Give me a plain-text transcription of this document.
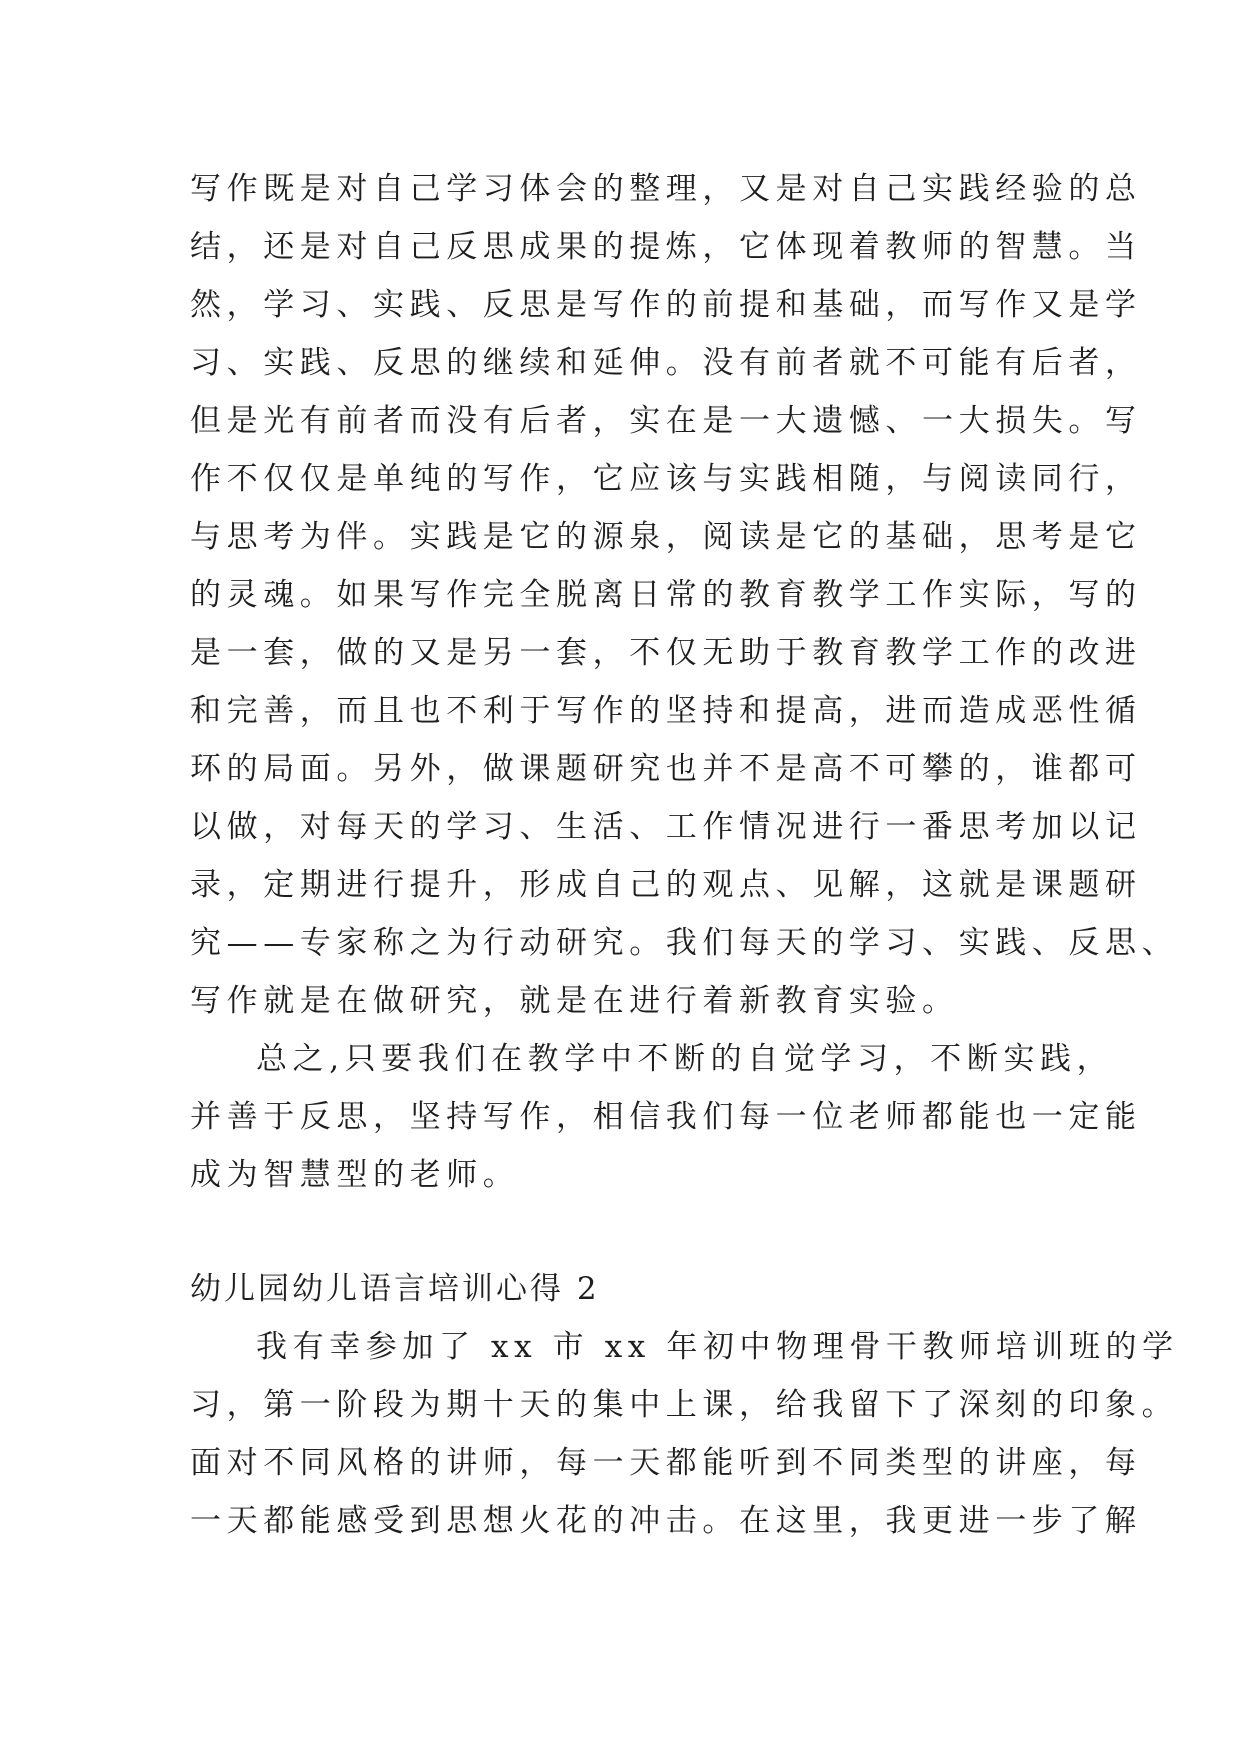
写作既是对自己学习体会的整理，又是对自己实践经验的总
结，还是对自己反思成果的提炼，它体现着教师的智慧。当
然，学习、实践、反思是写作的前提和基础，而写作又是学
习、实践、反思的继续和延伸。没有前者就不可能有后者，
但是光有前者而没有后者，实在是一大遗憾、一大损失。写
作不仅仅是单纯的写作，它应该与实践相随，与阅读同行，
与思考为伴。实践是它的源泉，阅读是它的基础，思考是它
的灵魂。如果写作完全脱离日常的教育教学工作实际，写的
是一套，做的又是另一套，不仅无助于教育教学工作的改进
和完善，而且也不利于写作的坚持和提高，进而造成恶性循
环的局面。另外，做课题研究也并不是高不可攀的，谁都可
以做，对每天的学习、生活、工作情况进行一番思考加以记
录，定期进行提升，形成自己的观点、见解，这就是课题研
究——专家称之为行动研究。我们每天的学习、实践、反思、
写作就是在做研究，就是在进行着新教育实验。
总之,只要我们在教学中不断的自觉学习，不断实践，
并善于反思，坚持写作，相信我们每一位老师都能也一定能
成为智慧型的老师。
幼儿园幼儿语言培训心得 2
我有幸参加了 xx 市 xx 年初中物理骨干教师培训班的学
习，第一阶段为期十天的集中上课，给我留下了深刻的印象。
面对不同风格的讲师，每一天都能听到不同类型的讲座，每
一天都能感受到思想火花的冲击。在这里，我更进一步了解
